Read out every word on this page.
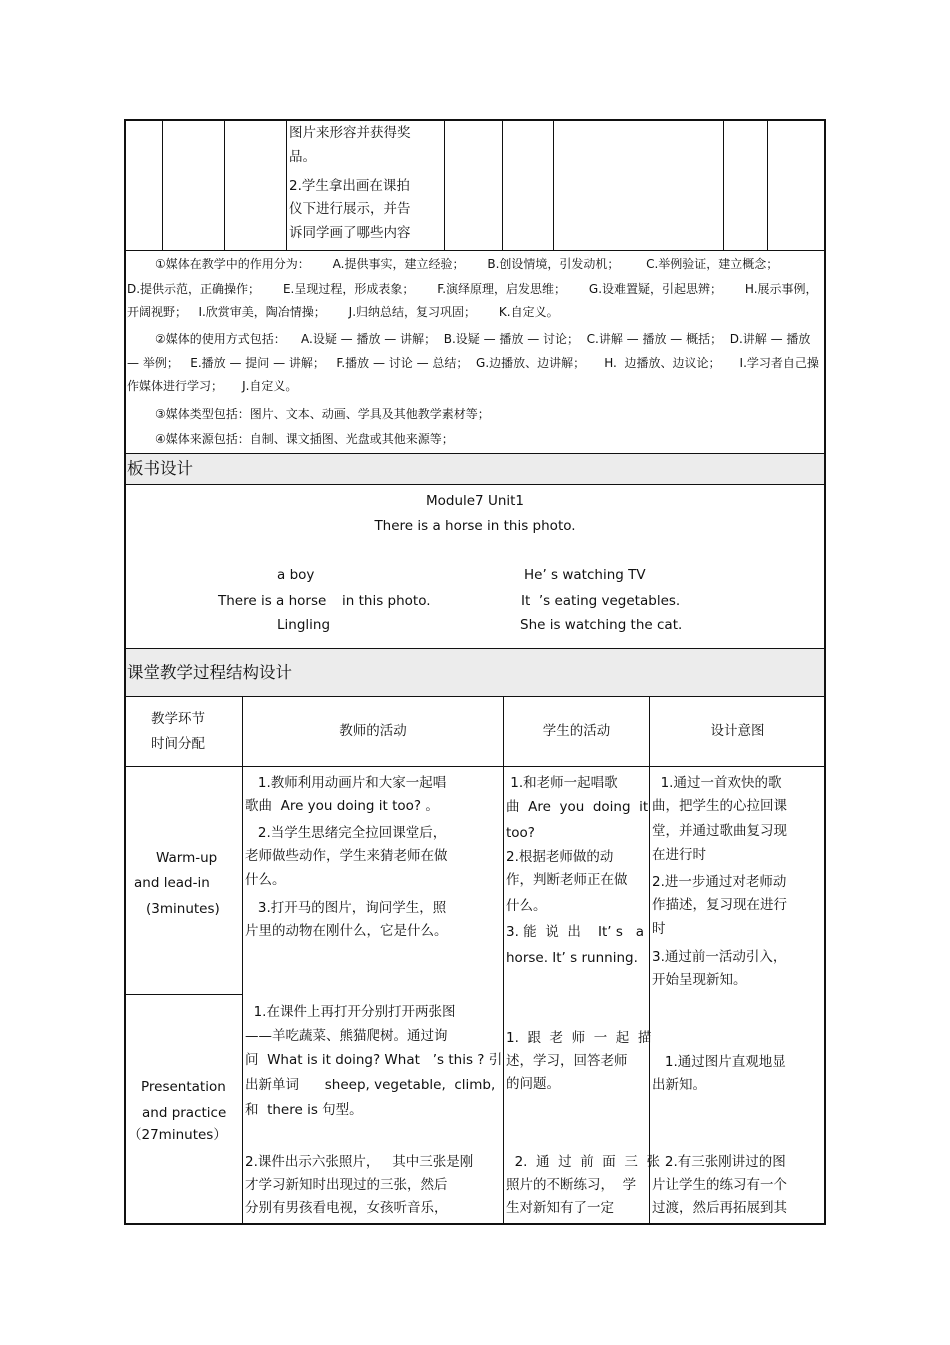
图片来形容并获得奖
品。
2.学生拿出画在课拍
仪下进行展示，并告
诉同学画了哪些内容
①媒体在教学中的作用分为：      A.提供事实，建立经验；      B.创设情境，引发动机；       C.举例验证，建立概念；
D.提供示范，正确操作；      E.呈现过程，形成表象；      F.演绎原理，启发思维；      G.设难置疑，引起思辨；      H.展示事例，
开阔视野；   I.欣赏审美，陶冶情操；      J.归纳总结，复习巩固；      K.自定义。
②媒体的使用方式包括：    A.设疑 — 播放 — 讲解；  B.设疑 — 播放 — 讨论；  C.讲解 — 播放 — 概括；  D.讲解 — 播放
— 举例；   E.播放 — 提问 — 讲解；   F.播放 — 讨论 — 总结；  G.边播放、边讲解；     H.  边播放、边议论；     I.学习者自己操
作媒体进行学习；     J.自定义。
③媒体类型包括：图片、文本、动画、学具及其他教学素材等；
④媒体来源包括：自制、课文插图、光盘或其他来源等；
板书设计
Module7 Unit1
There is a horse in this photo.
a boy
There is a horse in this photo.
Lingling
He’ s watching TV
It  ’s eating vegetables.
She is watching the cat.
课堂教学过程结构设计
教学环节
时间分配
教师的活动	学生的活动	设计意图
Warm-up
and lead-in
(3minutes)
1.教师利用动画片和大家一起唱
歌曲  Are you doing it too? 。
2.当学生思绪完全拉回课堂后，
老师做些动作，学生来猜老师在做
什么。
3.打开马的图片，询问学生，照
片里的动物在刚什么，它是什么。
1.和老师一起唱歌
曲  Are  you  doing  it
too?
2.根据老师做的动
作，判断老师正在做
什么。
3. 能  说  出    It’ s   a
horse. It’ s running.
1.通过一首欢快的歌
曲，把学生的心拉回课
堂，并通过歌曲复习现
在进行时
2.进一步通过对老师动
作描述，复习现在进行
时
3.通过前一活动引入，
开始呈现新知。
Presentation
and practice
（27minutes）
1.在课件上再打开分别打开两张图
——羊吃蔬菜、熊猫爬树。通过询
问  What is it doing? What   ’s this ? 引
出新单词      sheep, vegetable,  climb,
和  there is 句型。
2.课件出示六张照片，   其中三张是刚
才学习新知时出现过的三张，然后
分别有男孩看电视，女孩听音乐，
1.  跟  老  师  一  起  描
述，学习，回答老师
的问题。
2.  通  过  前  面  三  张
照片的不断练习，  学
生对新知有了一定
1.通过图片直观地显
出新知。
2.有三张刚讲过的图
片让学生的练习有一个
过渡，然后再拓展到其
